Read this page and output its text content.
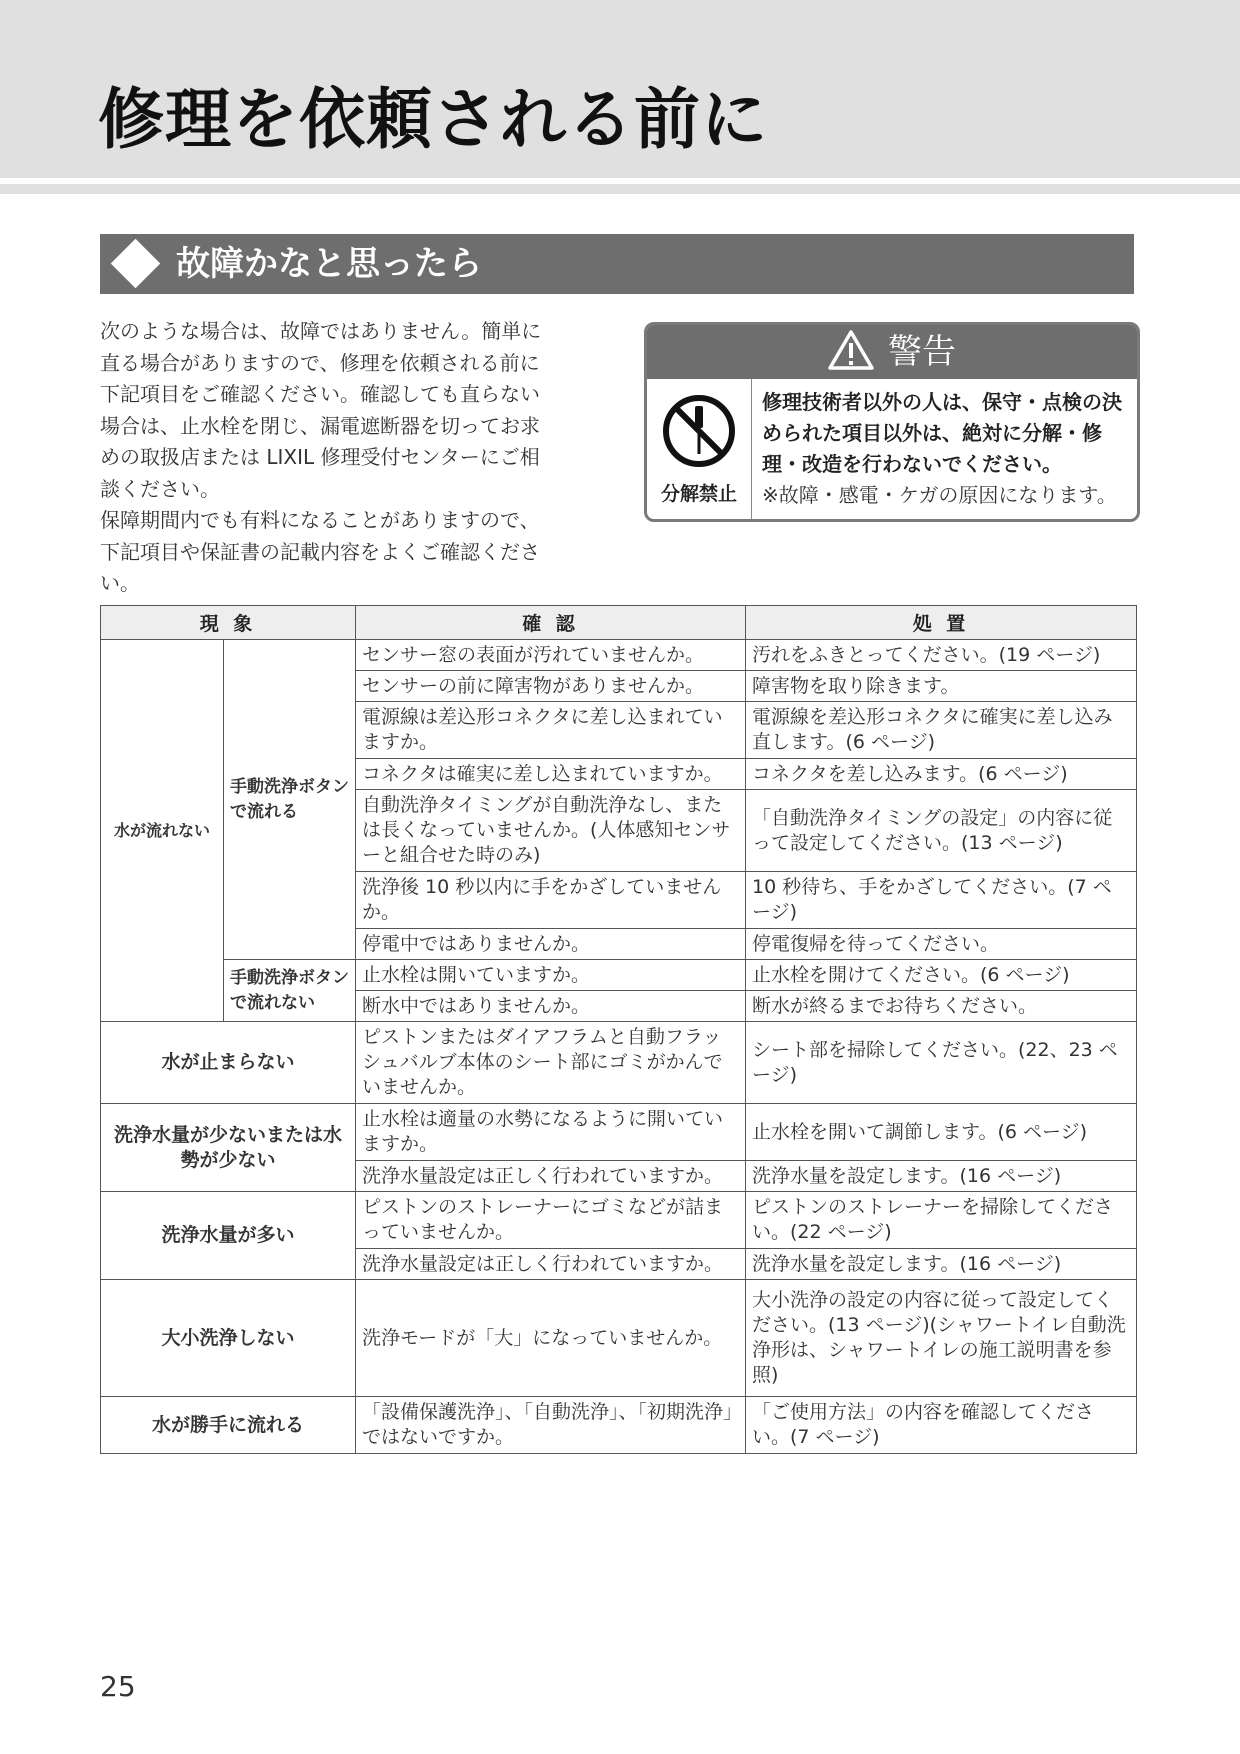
修理を依頼される前に
故障かなと思ったら

次のような場合は、故障ではありません。簡単に直る場合がありますので、修理を依頼される前に下記項目をご確認ください。確認しても直らない場合は、止水栓を閉じ、漏電遮断器を切ってお求めの取扱店または LIXIL 修理受付センターにご相談ください。

保障期間内でも有料になることがありますので、下記項目や保証書の記載内容をよくご確認ください。

警告
分解禁止
修理技術者以外の人は、保守・点検の決められた項目以外は、絶対に分解・修理・改造を行わないでください。
※故障・感電・ケガの原因になります。
現 象		確 認	処 置
水が流れない	手動洗浄ボタンで流れる	センサー窓の表面が汚れていませんか。	汚れをふきとってください。(19 ページ)
		センサーの前に障害物がありませんか。	障害物を取り除きます。
		電源線は差込形コネクタに差し込まれていますか。	電源線を差込形コネクタに確実に差し込み直します。(6 ページ)
		コネクタは確実に差し込まれていますか。	コネクタを差し込みます。(6 ページ)
		自動洗浄タイミングが自動洗浄なし、または長くなっていませんか。(人体感知センサーと組合せた時のみ)	「自動洗浄タイミングの設定」の内容に従って設定してください。(13 ページ)
		洗浄後 10 秒以内に手をかざしていませんか。	10 秒待ち、手をかざしてください。(7 ページ)
		停電中ではありませんか。	停電復帰を待ってください。
	手動洗浄ボタンで流れない	止水栓は開いていますか。	止水栓を開けてください。(6 ページ)
		断水中ではありませんか。	断水が終るまでお待ちください。
水が止まらない		ピストンまたはダイアフラムと自動フラッシュバルブ本体のシート部にゴミがかんでいませんか。	シート部を掃除してください。(22、23 ページ)
洗浄水量が少ないまたは水勢が少ない		止水栓は適量の水勢になるように開いていますか。	止水栓を開いて調節します。(6 ページ)
		洗浄水量設定は正しく行われていますか。	洗浄水量を設定します。(16 ページ)
洗浄水量が多い		ピストンのストレーナーにゴミなどが詰まっていませんか。	ピストンのストレーナーを掃除してください。(22 ページ)
		洗浄水量設定は正しく行われていますか。	洗浄水量を設定します。(16 ページ)
大小洗浄しない		洗浄モードが「大」になっていませんか。	大小洗浄の設定の内容に従って設定してください。(13 ページ)(シャワートイレ自動洗浄形は、シャワートイレの施工説明書を参照)
水が勝手に流れる		「設備保護洗浄」、「自動洗浄」、「初期洗浄」ではないですか。	「ご使用方法」の内容を確認してください。(7 ページ)
25
